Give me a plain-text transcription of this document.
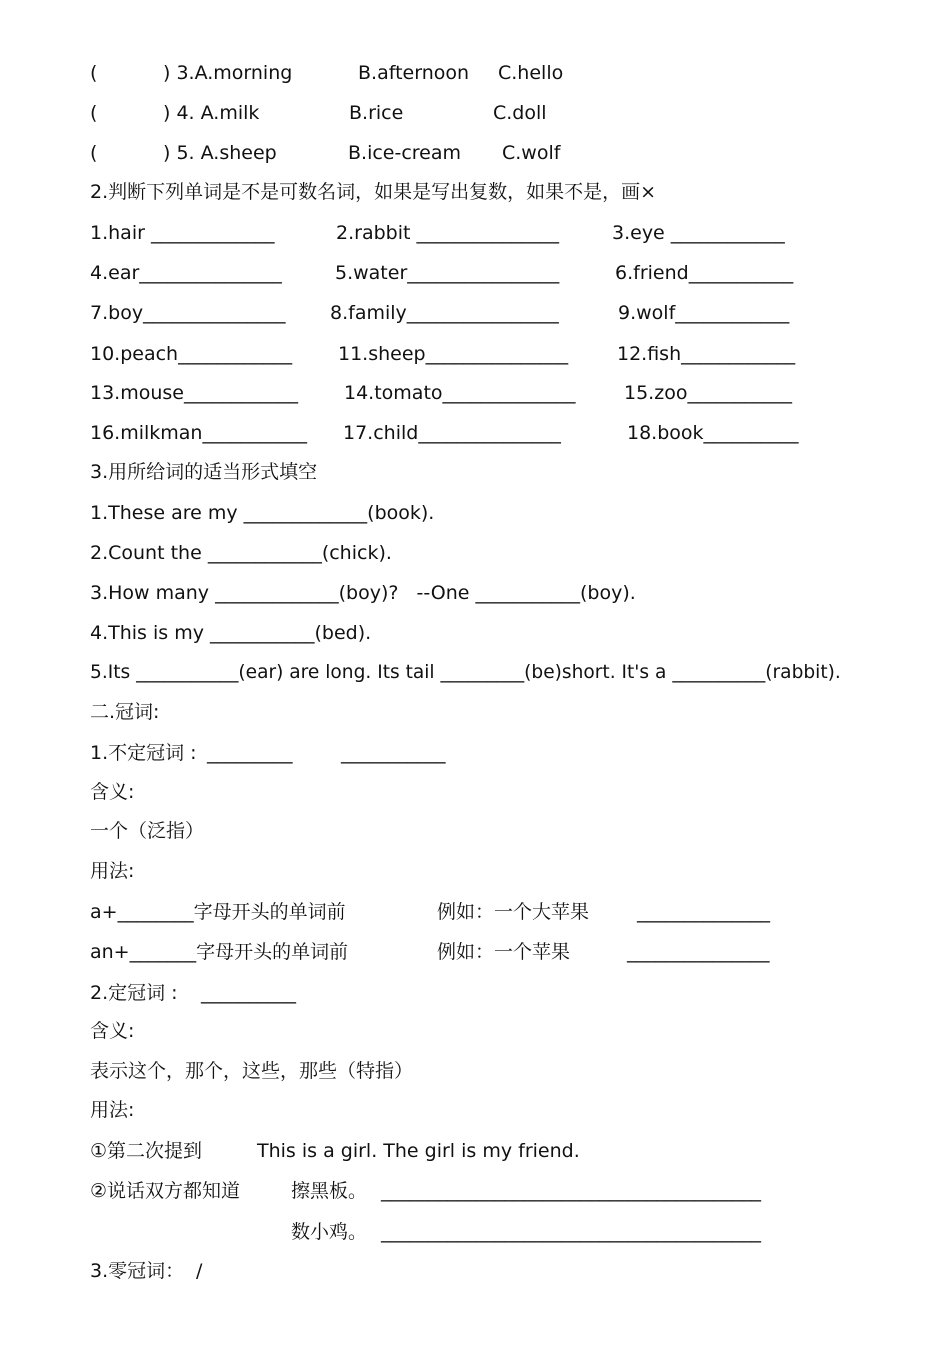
(	) 3.A.morning	B.afternoon C.hello
(	) 4. A.milk	B.rice	C.doll
(	) 5. A.sheep	B.ice-cream C.wolf
2.判断下列单词是不是可数名词，如果是写出复数，如果不是，画×
1.hair _____________	2.rabbit _______________	3.eye ____________
4.ear_______________	5.water________________	6.friend___________
7.boy_______________ 8.family________________	9.wolf____________
10.peach____________ 11.sheep_______________	12.fish____________
13.mouse____________ 14.tomato______________	15.zoo___________
16.milkman___________ 17.child_______________	18.book__________
3.用所给词的适当形式填空
1.These are my _____________(book).
2.Count the ____________(chick).
3.How many _____________(boy)?   --One ___________(boy).
4.This is my ___________(bed).
5.Its ___________(ear) are long. Its tail _________(be)short. It's a __________(rabbit).
二.冠词:
1.不定冠词 : _________	___________
含义:
一个（泛指）
用法:
a+________字母开头的单词前	例如：一个大苹果	______________
an+_______字母开头的单词前	例如：一个苹果	_______________
2.定冠词 : __________
含义:
表示这个，那个，这些，那些（特指）
用法:
①第二次提到	This is a girl. The girl is my friend.
②说话双方都知道	擦黑板。 ________________________________________
数小鸡。 ________________________________________
3.零冠词： /
